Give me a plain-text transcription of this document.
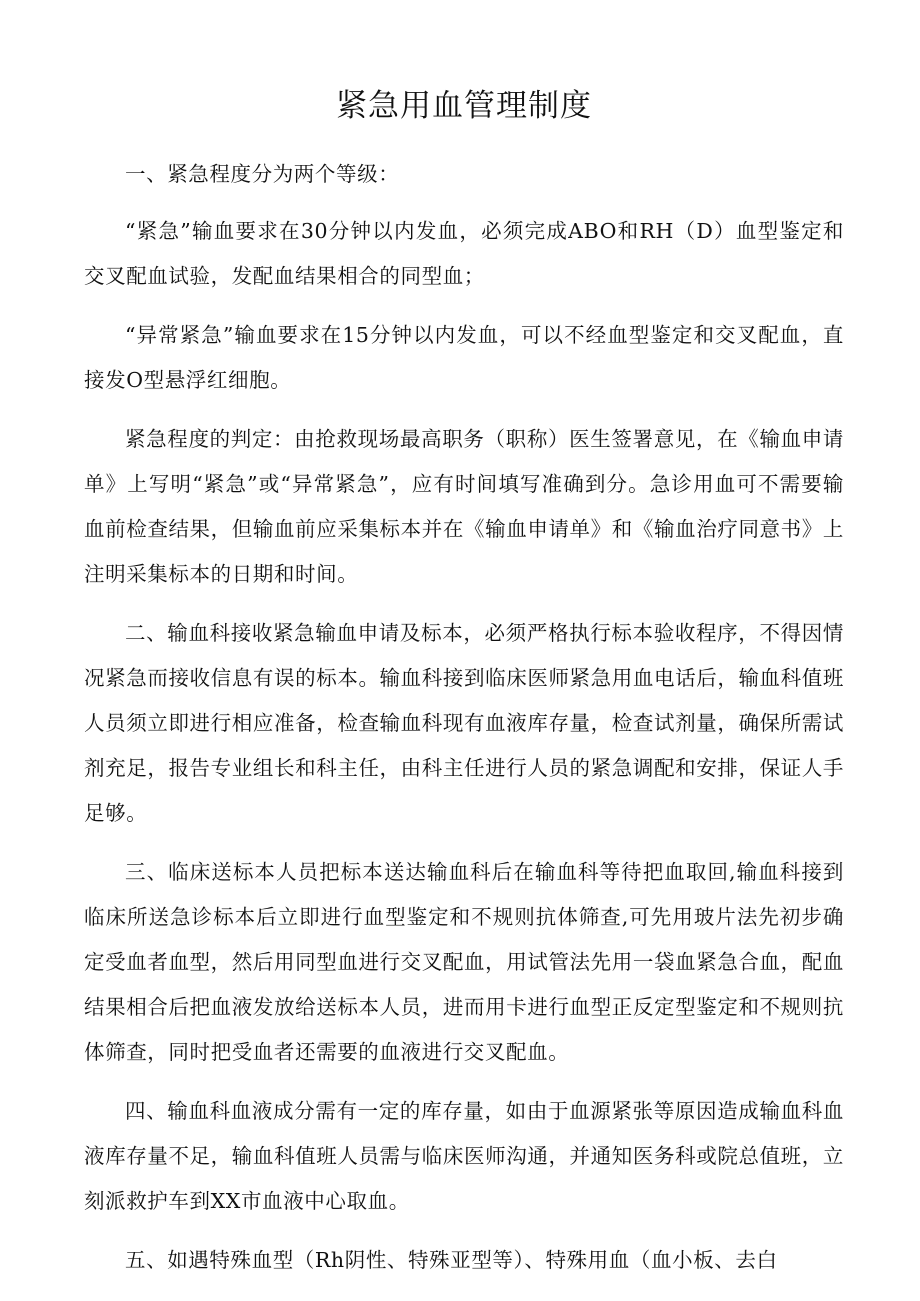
紧急用血管理制度

一、紧急程度分为两个等级：

“紧急”输血要求在30分钟以内发血，必须完成ABO和RH（D）血型鉴定和交叉配血试验，发配血结果相合的同型血；

“异常紧急”输血要求在15分钟以内发血，可以不经血型鉴定和交叉配血，直接发O型悬浮红细胞。

紧急程度的判定：由抢救现场最高职务（职称）医生签署意见，在《输血申请单》上写明“紧急”或“异常紧急”，应有时间填写准确到分。急诊用血可不需要输血前检查结果，但输血前应采集标本并在《输血申请单》和《输血治疗同意书》上注明采集标本的日期和时间。

二、输血科接收紧急输血申请及标本，必须严格执行标本验收程序，不得因情况紧急而接收信息有误的标本。输血科接到临床医师紧急用血电话后，输血科值班人员须立即进行相应准备，检查输血科现有血液库存量，检查试剂量，确保所需试剂充足，报告专业组长和科主任，由科主任进行人员的紧急调配和安排，保证人手足够。

三、临床送标本人员把标本送达输血科后在输血科等待把血取回,输血科接到临床所送急诊标本后立即进行血型鉴定和不规则抗体筛查,可先用玻片法先初步确定受血者血型，然后用同型血进行交叉配血，用试管法先用一袋血紧急合血，配血结果相合后把血液发放给送标本人员，进而用卡进行血型正反定型鉴定和不规则抗体筛查，同时把受血者还需要的血液进行交叉配血。

四、输血科血液成分需有一定的库存量，如由于血源紧张等原因造成输血科血液库存量不足，输血科值班人员需与临床医师沟通，并通知医务科或院总值班，立刻派救护车到XX市血液中心取血。

五、如遇特殊血型（Rh阴性、特殊亚型等）、特殊用血（血小板、去白
